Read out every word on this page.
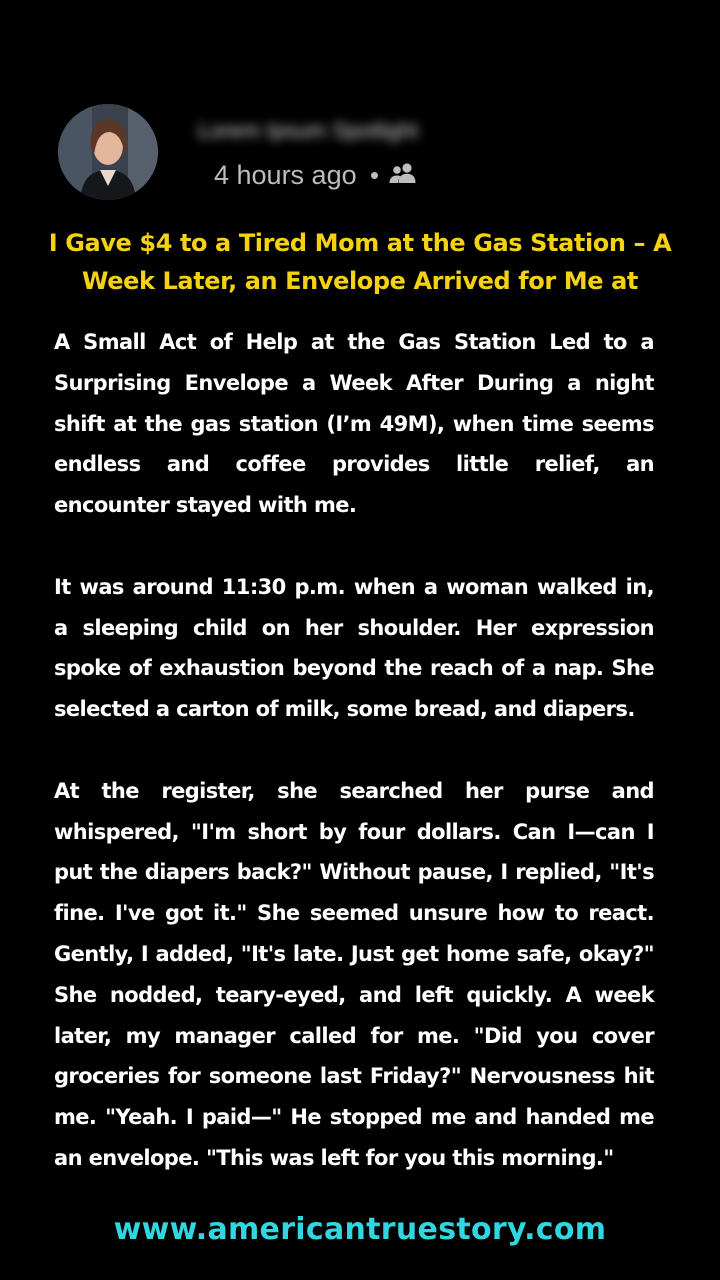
Lorem Ipsum Spotlight
4 hours ago
I Gave $4 to a Tired Mom at the Gas Station – A Week Later, an Envelope Arrived for Me at

A Small Act of Help at the Gas Station Led to a Surprising Envelope a Week After During a night shift at the gas station (I’m 49M), when time seems endless and coffee provides little relief, an encounter stayed with me.

It was around 11:30 p.m. when a woman walked in, a sleeping child on her shoulder. Her expression spoke of exhaustion beyond the reach of a nap. She selected a carton of milk, some bread, and diapers.

At the register, she searched her purse and whispered, "I'm short by four dollars. Can I—can I put the diapers back?" Without pause, I replied, "It's fine. I've got it." She seemed unsure how to react. Gently, I added, "It's late. Just get home safe, okay?" She nodded, teary-eyed, and left quickly. A week later, my manager called for me. "Did you cover groceries for someone last Friday?" Nervousness hit me. "Yeah. I paid—" He stopped me and handed me an envelope. "This was left for you this morning."

www.americantruestory.com
